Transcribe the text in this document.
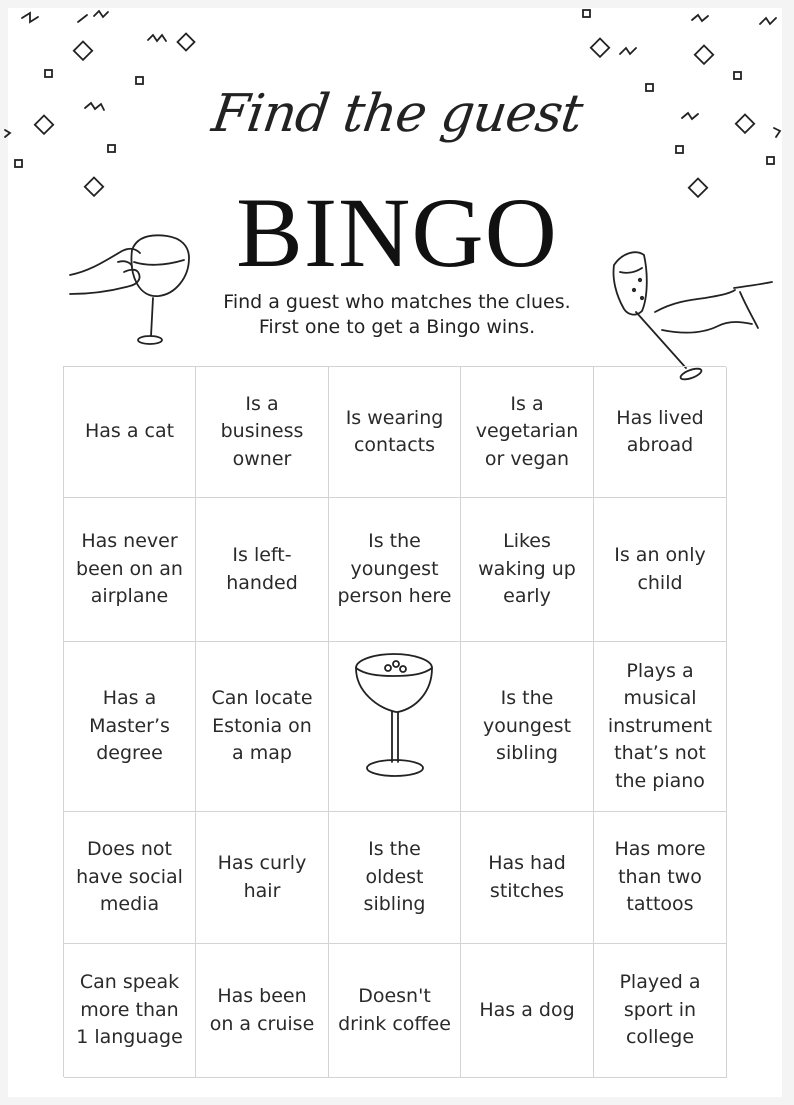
Find the guest
BINGO
Find a guest who matches the clues.
First one to get a Bingo wins.
Has a cat
Is a business owner
Is wearing contacts
Is a vegetarian or vegan
Has lived abroad
Has never been on an airplane
Is left-handed
Is the youngest person here
Likes waking up early
Is an only child
Has a Master’s degree
Can locate Estonia on a map
Is the youngest sibling
Plays a musical instrument that’s not the piano
Does not have social media
Has curly hair
Is the oldest sibling
Has had stitches
Has more than two tattoos
Can speak more than 1 language
Has been on a cruise
Doesn't drink coffee
Has a dog
Played a sport in college
